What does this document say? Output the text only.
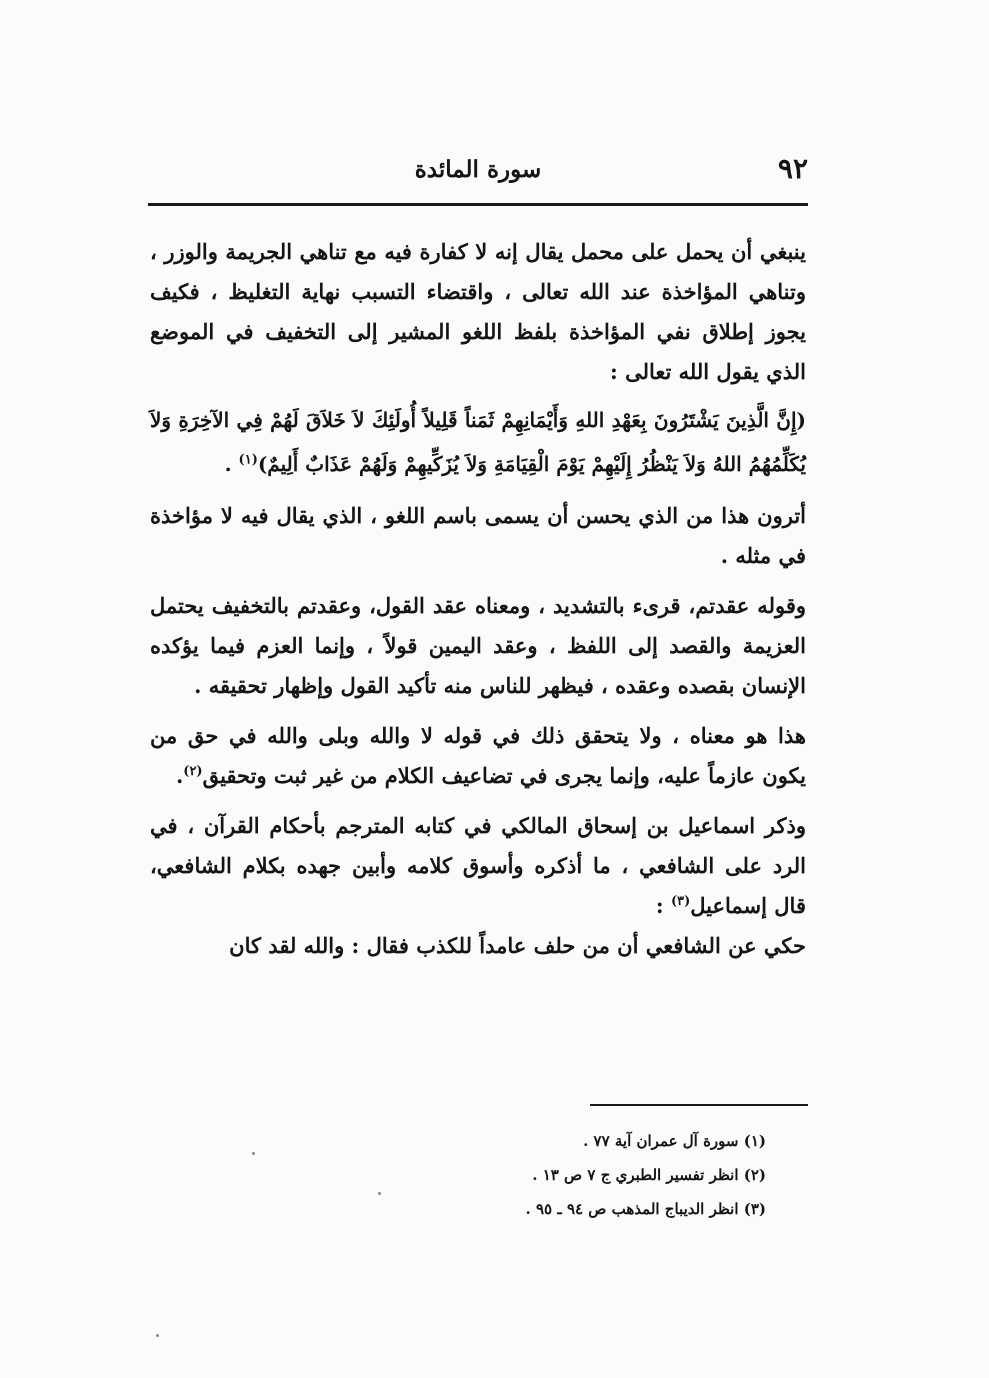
٩٢
سورة المائدة

ينبغي أن يحمل على محمل يقال إنه لا كفارة فيه مع تناهي الجريمة والوزر ، وتناهي المؤاخذة عند الله تعالى ، واقتضاء التسبب نهاية التغليظ ، فكيف يجوز إطلاق نفي المؤاخذة بلفظ اللغو المشير إلى التخفيف في الموضع الذي يقول الله تعالى :

(إِنَّ الَّذِينَ يَشْتَرُونَ بِعَهْدِ اللهِ وَأَيْمَانِهِمْ ثَمَناً قَلِيلاً أُولَئِكَ لاَ خَلاَقَ لَهُمْ فِي الآخِرَةِ وَلاَ يُكَلِّمُهُمُ اللهُ وَلاَ يَنْظُرُ إِلَيْهِمْ يَوْمَ الْقِيَامَةِ وَلاَ يُزَكِّيهِمْ وَلَهُمْ عَذَابٌ أَلِيمٌ)$^{(١)}$ .

أترون هذا من الذي يحسن أن يسمى باسم اللغو ، الذي يقال فيه لا مؤاخذة في مثله .

وقوله عقدتم، قرىء بالتشديد ، ومعناه عقد القول، وعقدتم بالتخفيف يحتمل العزيمة والقصد إلى اللفظ ، وعقد اليمين قولاً ، وإنما العزم فيما يؤكده الإنسان بقصده وعقده ، فيظهر للناس منه تأكيد القول وإظهار تحقيقه .

هذا هو معناه ، ولا يتحقق ذلك في قوله لا والله وبلى والله في حق من يكون عازماً عليه، وإنما يجرى في تضاعيف الكلام من غير ثبت وتحقيق$^{(٢)}$.

وذكر اسماعيل بن إسحاق المالكي في كتابه المترجم بأحكام القرآن ، في الرد على الشافعي ، ما أذكره وأسوق كلامه وأبين جهده بكلام الشافعي، قال إسماعيل$^{(٣)}$ :

حكي عن الشافعي أن من حلف عامداً للكذب فقال : والله لقد كان

(١) سورة آل عمران آية ٧٧ .

(٢) انظر تفسير الطبري ج ٧ ص ١٣ .

(٣) انظر الديباج المذهب ص ٩٤ ـ ٩٥ .
